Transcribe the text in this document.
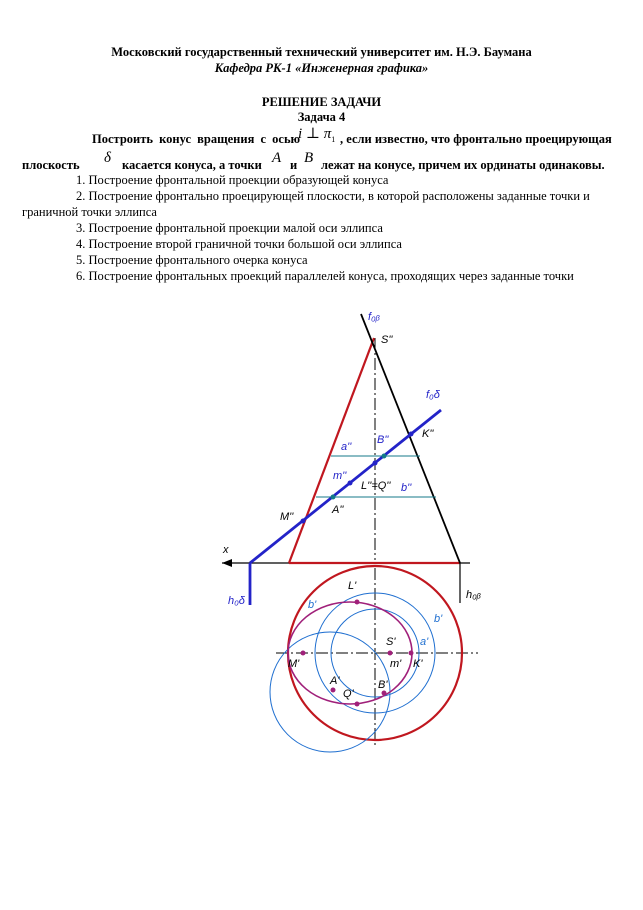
Московский государственный технический университет им. Н.Э. Баумана
Кафедра РК-1 «Инженерная графика»
РЕШЕНИЕ ЗАДАЧИ
Задача 4
Построить конус вращения с осью
i ⊥ $\pi_1$ , если известно, что фронтально проецирующая
плоскость δ касается конуса, а точки A и B лежат на конусе, причем их ординаты одинаковы.
1. Построение фронтальной проекции образующей конуса
2. Построение фронтально проецирующей плоскости, в которой расположены заданные точки и
граничной точки эллипса
3. Построение фронтальной проекции малой оси эллипса
4. Построение второй граничной точки большой оси эллипса
5. Построение фронтального очерка конуса
6. Построение фронтальных проекций параллелей конуса, проходящих через заданные точки
f₀ᵦ
S''
f₀δ
B''	K''
a''
m''
L''=Q'' b''
M''
A''
x
h₀δ	h₀ᵦ
L'
b'
b'
S' a'
M'	m' K'
A'	B'
Q'
